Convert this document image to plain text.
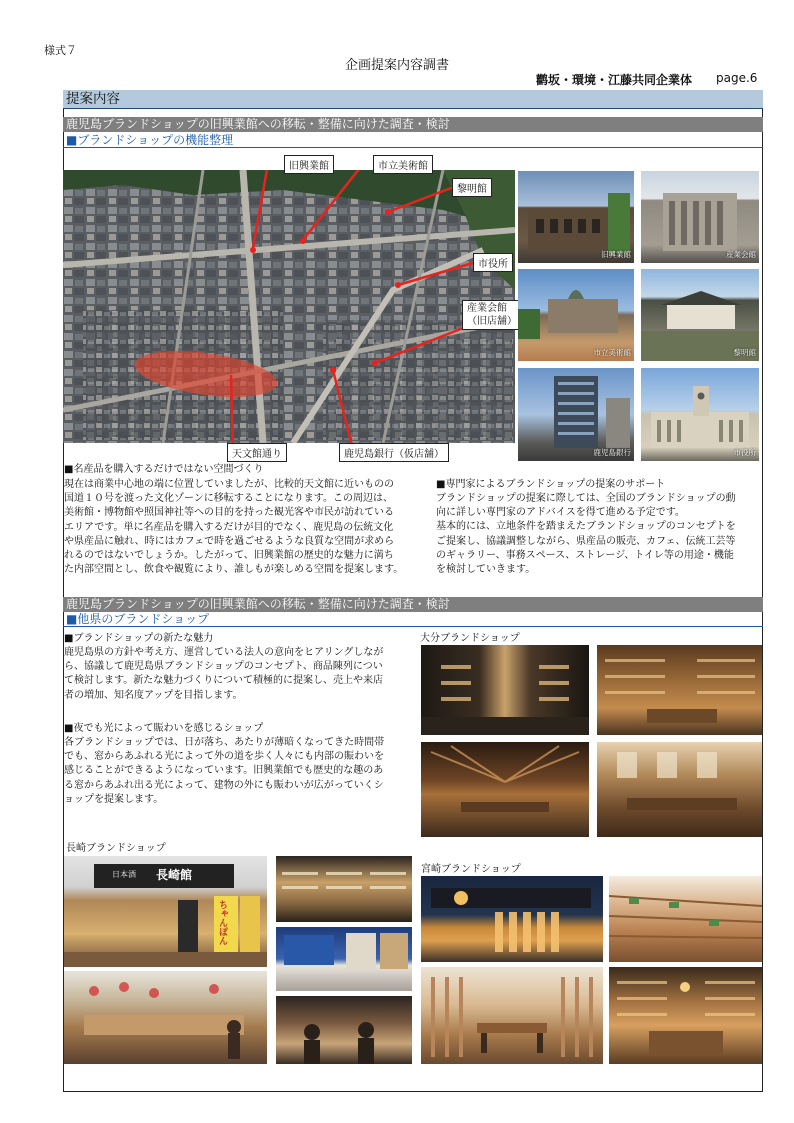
様式７
企画提案内容調書
鹳坂・環境・江藤共同企業体 page.6
提案内容
鹿児島ブランドショップの旧興業館への移転・整備に向けた調査・検討
■ブランドショップの機能整理
旧興業館	市立美術館
黎明館
市役所
産業会館
（旧店舗）
天文館通り	鹿児島銀行（仮店舗）
旧興業館	産業会館
市立美術館	黎明館
鹿児島銀行	市役所
■名産品を購入するだけではない空間づくり
現在は商業中心地の端に位置していましたが、比較的天文館に近いものの
国道１０号を渡った文化ゾーンに移転することになります。この周辺は、
美術館・博物館や照国神社等への目的を持った観光客や市民が訪れている
エリアです。単に名産品を購入するだけが目的でなく、鹿児島の伝統文化
や県産品に触れ、時にはカフェで時を過ごせるような良質な空間が求めら
れるのではないでしょうか。したがって、旧興業館の歴史的な魅力に満ち
た内部空間とし、飲食や観覧により、誰しもが楽しめる空間を提案します。
■専門家によるブランドショップの提案のサポート
ブランドショップの提案に際しては、全国のブランドショップの動
向に詳しい専門家のアドバイスを得て進める予定です。
基本的には、立地条件を踏まえたブランドショップのコンセプトを
ご提案し、協議調整しながら、県産品の販売、カフェ、伝統工芸等
のギャラリー、事務スペース、ストレージ、トイレ等の用途・機能
を検討していきます。
鹿児島ブランドショップの旧興業館への移転・整備に向けた調査・検討
■他県のブランドショップ
■ブランドショップの新たな魅力
鹿児島県の方針や考え方、運営している法人の意向をヒアリングしなが
ら、協議して鹿児島県ブランドショップのコンセプト、商品陳列につい
て検討します。新たな魅力づくりについて積極的に提案し、売上や来店
者の増加、知名度アップを目指します。
■夜でも光によって賑わいを感じるショップ
各ブランドショップでは、日が落ち、あたりが薄暗くなってきた時間帯
でも、窓からあふれる光によって外の道を歩く人々にも内部の賑わいを
感じることができるようになっています。旧興業館でも歴史的な趣のあ
る窓からあふれ出る光によって、建物の外にも賑わいが広がっていくシ
ョップを提案します。
大分ブランドショップ
長崎ブランドショップ
日本酒 長崎館
ちゃんぽん
宮崎ブランドショップ
